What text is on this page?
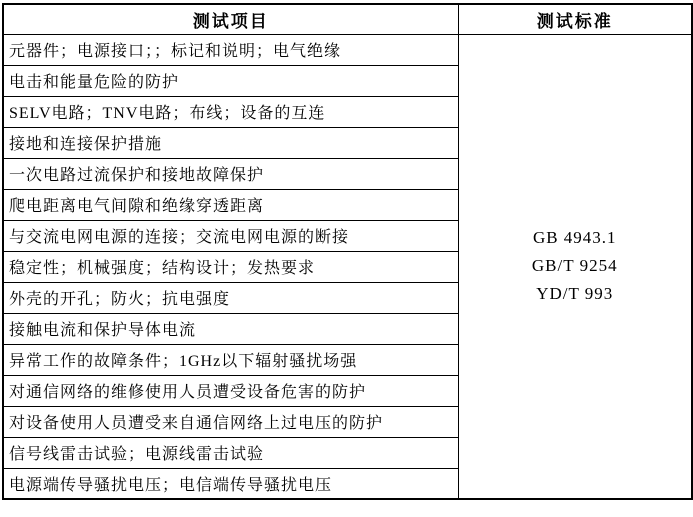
测试项目	测试标准
元器件；电源接口；；标记和说明；电气绝缘	GB 4943.1
GB/T 9254
YD/T 993

电击和能量危险的防护	
SELV电路；TNV电路；布线；设备的互连	
接地和连接保护措施	
一次电路过流保护和接地故障保护	
爬电距离电气间隙和绝缘穿透距离	
与交流电网电源的连接；交流电网电源的断接	
稳定性；机械强度；结构设计；发热要求	
外壳的开孔；防火；抗电强度	
接触电流和保护导体电流	
异常工作的故障条件；1GHz以下辐射骚扰场强	
对通信网络的维修使用人员遭受设备危害的防护	
对设备使用人员遭受来自通信网络上过电压的防护	
信号线雷击试验；电源线雷击试验	
电源端传导骚扰电压；电信端传导骚扰电压	
